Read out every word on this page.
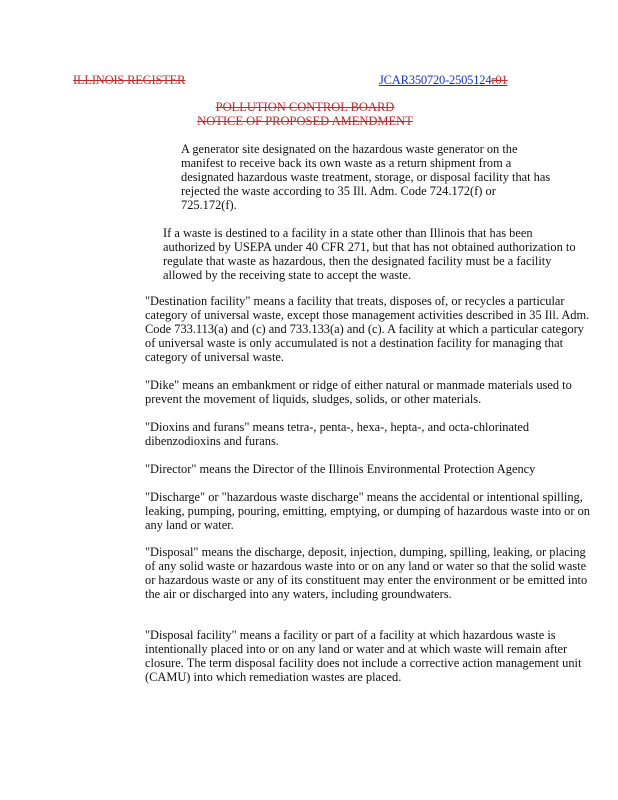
ILLINOIS REGISTER	JCAR350720-2505124r01
POLLUTION CONTROL BOARD
NOTICE OF PROPOSED AMENDMENT

A generator site designated on the hazardous waste generator on the manifest to receive back its own waste as a return shipment from a designated hazardous waste treatment, storage, or disposal facility that has rejected the waste according to 35 Ill. Adm. Code 724.172(f) or 725.172(f).

If a waste is destined to a facility in a state other than Illinois that has been authorized by USEPA under 40 CFR 271, but that has not obtained authorization to regulate that waste as hazardous, then the designated facility must be a facility allowed by the receiving state to accept the waste.

"Destination facility" means a facility that treats, disposes of, or recycles a particular category of universal waste, except those management activities described in 35 Ill. Adm. Code 733.113(a) and (c) and 733.133(a) and (c). A facility at which a particular category of universal waste is only accumulated is not a destination facility for managing that category of universal waste.

"Dike" means an embankment or ridge of either natural or manmade materials used to prevent the movement of liquids, sludges, solids, or other materials.

"Dioxins and furans" means tetra-, penta-, hexa-, hepta-, and octa-chlorinated dibenzodioxins and furans.

"Director" means the Director of the Illinois Environmental Protection Agency

"Discharge" or "hazardous waste discharge" means the accidental or intentional spilling, leaking, pumping, pouring, emitting, emptying, or dumping of hazardous waste into or on any land or water.

"Disposal" means the discharge, deposit, injection, dumping, spilling, leaking, or placing of any solid waste or hazardous waste into or on any land or water so that the solid waste or hazardous waste or any of its constituent may enter the environment or be emitted into the air or discharged into any waters, including groundwaters.

"Disposal facility" means a facility or part of a facility at which hazardous waste is intentionally placed into or on any land or water and at which waste will remain after closure. The term disposal facility does not include a corrective action management unit (CAMU) into which remediation wastes are placed.
